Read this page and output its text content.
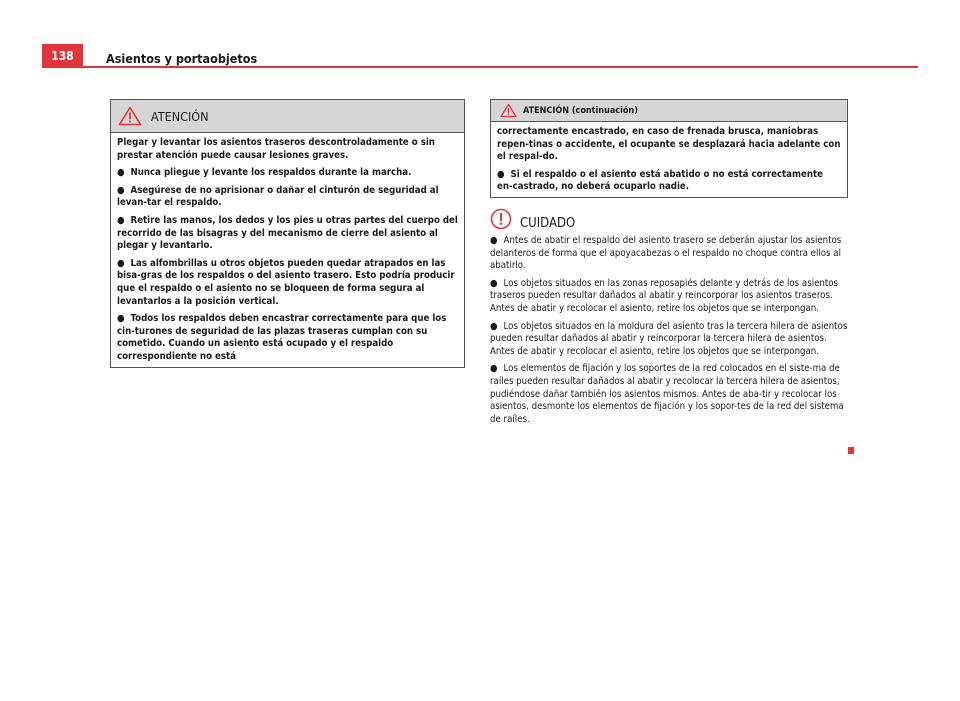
138	Asientos y portaobjetos
ATENCIÓN

Plegar y levantar los asientos traseros descontroladamente o sin prestar atención puede causar lesiones graves.

● Nunca pliegue y levante los respaldos durante la marcha.

● Asegúrese de no aprisionar o dañar el cinturón de seguridad al levan-tar el respaldo.

● Retire las manos, los dedos y los pies u otras partes del cuerpo del recorrido de las bisagras y del mecanismo de cierre del asiento al plegar y levantarlo.

● Las alfombrillas u otros objetos pueden quedar atrapados en las bisa-gras de los respaldos o del asiento trasero. Esto podría producir que el respaldo o el asiento no se bloqueen de forma segura al levantarlos a la posición vertical.

● Todos los respaldos deben encastrar correctamente para que los cin-turones de seguridad de las plazas traseras cumplan con su cometido. Cuando un asiento está ocupado y el respaldo correspondiente no está

ATENCIÓN (continuación)

correctamente encastrado, en caso de frenada brusca, maniobras repen-tinas o accidente, el ocupante se desplazará hacia adelante con el respal-do.

● Si el respaldo o el asiento está abatido o no está correctamente en-castrado, no deberá ocuparlo nadie.

CUIDADO

● Antes de abatir el respaldo del asiento trasero se deberán ajustar los asientos delanteros de forma que el apoyacabezas o el respaldo no choque contra ellos al abatirlo.

● Los objetos situados en las zonas reposapiés delante y detrás de los asientos traseros pueden resultar dañados al abatir y reincorporar los asientos traseros. Antes de abatir y recolocar el asiento, retire los objetos que se interpongan.

● Los objetos situados en la moldura del asiento tras la tercera hilera de asientos pueden resultar dañados al abatir y reincorporar la tercera hilera de asientos. Antes de abatir y recolocar el asiento, retire los objetos que se interpongan.

● Los elementos de fijación y los soportes de la red colocados en el siste-ma de raíles pueden resultar dañados al abatir y recolocar la tercera hilera de asientos, pudiéndose dañar también los asientos mismos. Antes de aba-tir y recolocar los asientos, desmonte los elementos de fijación y los sopor-tes de la red del sistema de raíles.
